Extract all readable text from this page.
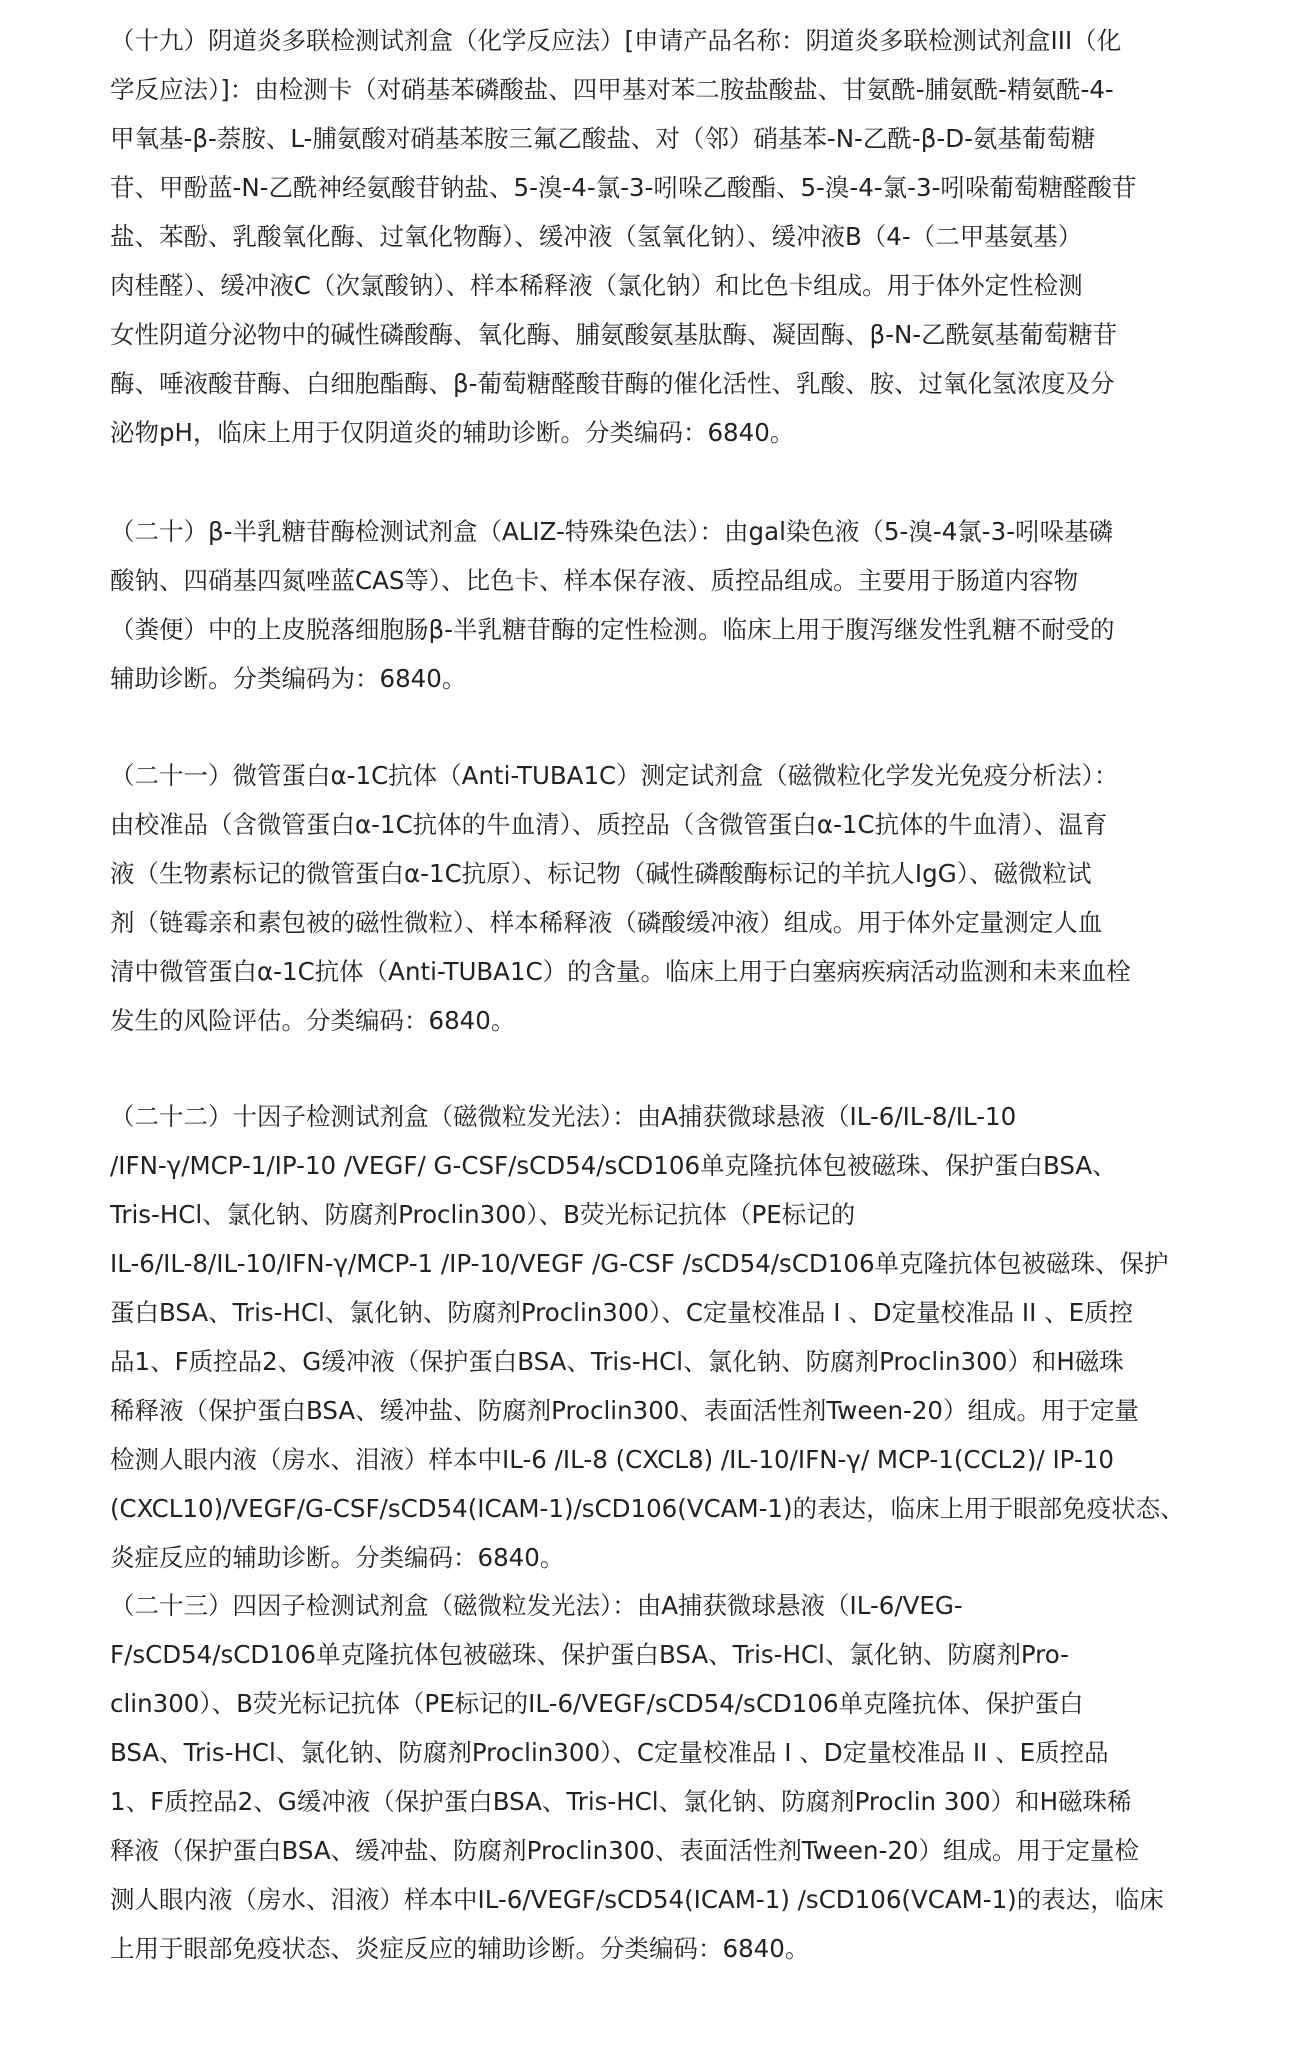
（十九）阴道炎多联检测试剂盒（化学反应法）[申请产品名称：阴道炎多联检测试剂盒III（化
学反应法）]：由检测卡（对硝基苯磷酸盐、四甲基对苯二胺盐酸盐、甘氨酰-脯氨酰-精氨酰-4-
甲氧基-β-萘胺、L-脯氨酸对硝基苯胺三氟乙酸盐、对（邻）硝基苯-N-乙酰-β-D-氨基葡萄糖
苷、甲酚蓝-N-乙酰神经氨酸苷钠盐、5-溴-4-氯-3-吲哚乙酸酯、5-溴-4-氯-3-吲哚葡萄糖醛酸苷
盐、苯酚、乳酸氧化酶、过氧化物酶）、缓冲液（氢氧化钠）、缓冲液B（4-（二甲基氨基）
肉桂醛）、缓冲液C（次氯酸钠）、样本稀释液（氯化钠）和比色卡组成。用于体外定性检测
女性阴道分泌物中的碱性磷酸酶、氧化酶、脯氨酸氨基肽酶、凝固酶、β-N-乙酰氨基葡萄糖苷
酶、唾液酸苷酶、白细胞酯酶、β-葡萄糖醛酸苷酶的催化活性、乳酸、胺、过氧化氢浓度及分
泌物pH，临床上用于仅阴道炎的辅助诊断。分类编码：6840。
（二十）β-半乳糖苷酶检测试剂盒（ALIZ-特殊染色法）：由gal染色液（5-溴-4氯-3-吲哚基磷
酸钠、四硝基四氮唑蓝CAS等）、比色卡、样本保存液、质控品组成。主要用于肠道内容物
（粪便）中的上皮脱落细胞肠β-半乳糖苷酶的定性检测。临床上用于腹泻继发性乳糖不耐受的
辅助诊断。分类编码为：6840。
（二十一）微管蛋白α-1C抗体（Anti-TUBA1C）测定试剂盒（磁微粒化学发光免疫分析法）：
由校准品（含微管蛋白α-1C抗体的牛血清）、质控品（含微管蛋白α-1C抗体的牛血清）、温育
液（生物素标记的微管蛋白α-1C抗原）、标记物（碱性磷酸酶标记的羊抗人IgG）、磁微粒试
剂（链霉亲和素包被的磁性微粒）、样本稀释液（磷酸缓冲液）组成。用于体外定量测定人血
清中微管蛋白α-1C抗体（Anti-TUBA1C）的含量。临床上用于白塞病疾病活动监测和未来血栓
发生的风险评估。分类编码：6840。
（二十二）十因子检测试剂盒（磁微粒发光法）：由A捕获微球悬液（IL-6/IL-8/IL-10
/IFN-γ/MCP-1/IP-10 /VEGF/ G-CSF/sCD54/sCD106单克隆抗体包被磁珠、保护蛋白BSA、
Tris-HCl、氯化钠、防腐剂Proclin300）、B荧光标记抗体（PE标记的
IL-6/IL-8/IL-10/IFN-γ/MCP-1 /IP-10/VEGF /G-CSF /sCD54/sCD106单克隆抗体包被磁珠、保护
蛋白BSA、Tris-HCl、氯化钠、防腐剂Proclin300）、C定量校准品 I 、D定量校准品 II 、E质控
品1、F质控品2、G缓冲液（保护蛋白BSA、Tris-HCl、氯化钠、防腐剂Proclin300）和H磁珠
稀释液（保护蛋白BSA、缓冲盐、防腐剂Proclin300、表面活性剂Tween-20）组成。用于定量
检测人眼内液（房水、泪液）样本中IL-6 /IL-8 (CXCL8) /IL-10/IFN-γ/ MCP-1(CCL2)/ IP-10
(CXCL10)/VEGF/G-CSF/sCD54(ICAM-1)/sCD106(VCAM-1)的表达，临床上用于眼部免疫状态、
炎症反应的辅助诊断。分类编码：6840。
（二十三）四因子检测试剂盒（磁微粒发光法）：由A捕获微球悬液（IL-6/VEG-
F/sCD54/sCD106单克隆抗体包被磁珠、保护蛋白BSA、Tris-HCl、氯化钠、防腐剂Pro-
clin300）、B荧光标记抗体（PE标记的IL-6/VEGF/sCD54/sCD106单克隆抗体、保护蛋白
BSA、Tris-HCl、氯化钠、防腐剂Proclin300）、C定量校准品 I 、D定量校准品 II 、E质控品
1、F质控品2、G缓冲液（保护蛋白BSA、Tris-HCl、氯化钠、防腐剂Proclin 300）和H磁珠稀
释液（保护蛋白BSA、缓冲盐、防腐剂Proclin300、表面活性剂Tween-20）组成。用于定量检
测人眼内液（房水、泪液）样本中IL-6/VEGF/sCD54(ICAM-1) /sCD106(VCAM-1)的表达，临床
上用于眼部免疫状态、炎症反应的辅助诊断。分类编码：6840。
